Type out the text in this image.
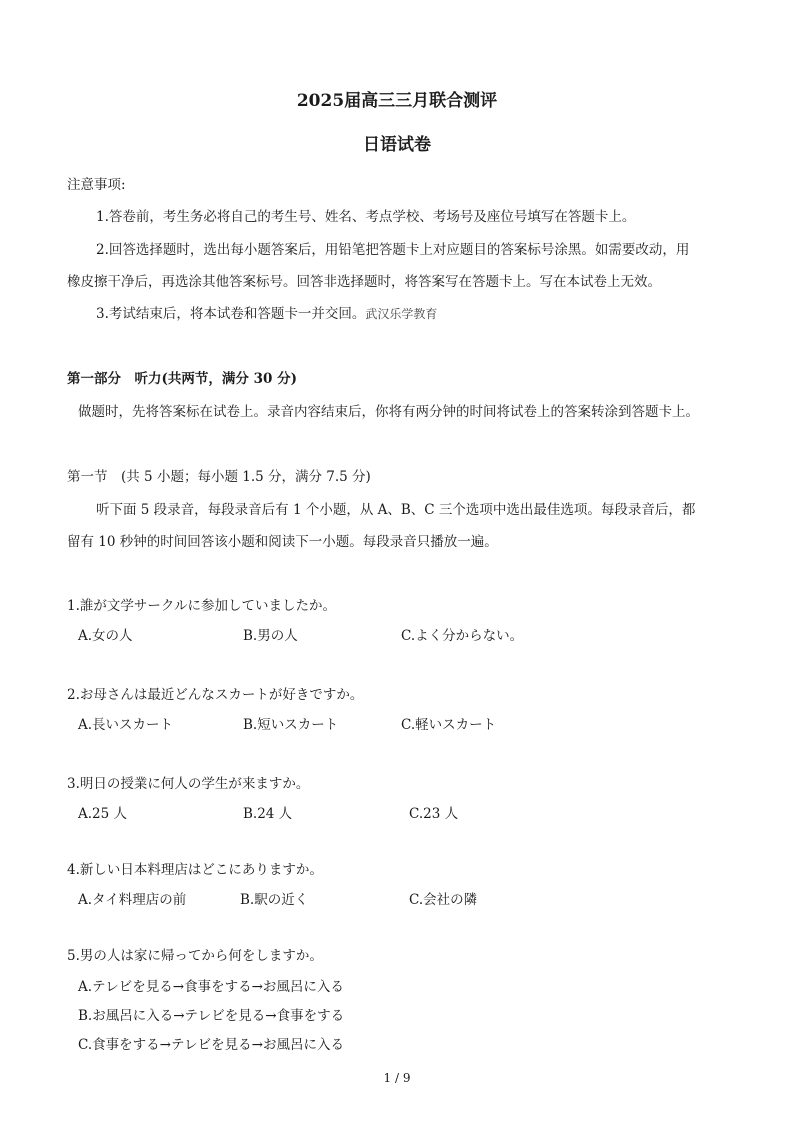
2025届高三三月联合测评
日语试卷
注意事项:
1.答卷前，考生务必将自己的考生号、姓名、考点学校、考场号及座位号填写在答题卡上。
2.回答选择题时，选出每小题答案后，用铅笔把答题卡上对应题目的答案标号涂黑。如需要改动，用
橡皮擦干净后，再选涂其他答案标号。回答非选择题时，将答案写在答题卡上。写在本试卷上无效。
3.考试结束后，将本试卷和答题卡一并交回。武汉乐学教育
第一部分　听力(共两节，满分 30 分)
做题时，先将答案标在试卷上。录音内容结束后，你将有两分钟的时间将试卷上的答案转涂到答题卡上。
第一节　(共 5 小题；每小题 1.5 分，满分 7.5 分)
听下面 5 段录音，每段录音后有 1 个小题，从 A、B、C 三个选项中选出最佳选项。每段录音后，都
留有 10 秒钟的时间回答该小题和阅读下一小题。每段录音只播放一遍。
1.誰が文学サークルに参加していましたか。
A.女の人	B.男の人	C.よく分からない。
2.お母さんは最近どんなスカートが好きですか。
A.長いスカート	B.短いスカート	C.軽いスカート
3.明日の授業に何人の学生が来ますか。
A.25 人	B.24 人	C.23 人
4.新しい日本料理店はどこにありますか。
A.タイ料理店の前	B.駅の近く	C.会社の隣
5.男の人は家に帰ってから何をしますか。
A.テレビを見る→食事をする→お風呂に入る
B.お風呂に入る→テレビを見る→食事をする
C.食事をする→テレビを見る→お風呂に入る
1 / 9
